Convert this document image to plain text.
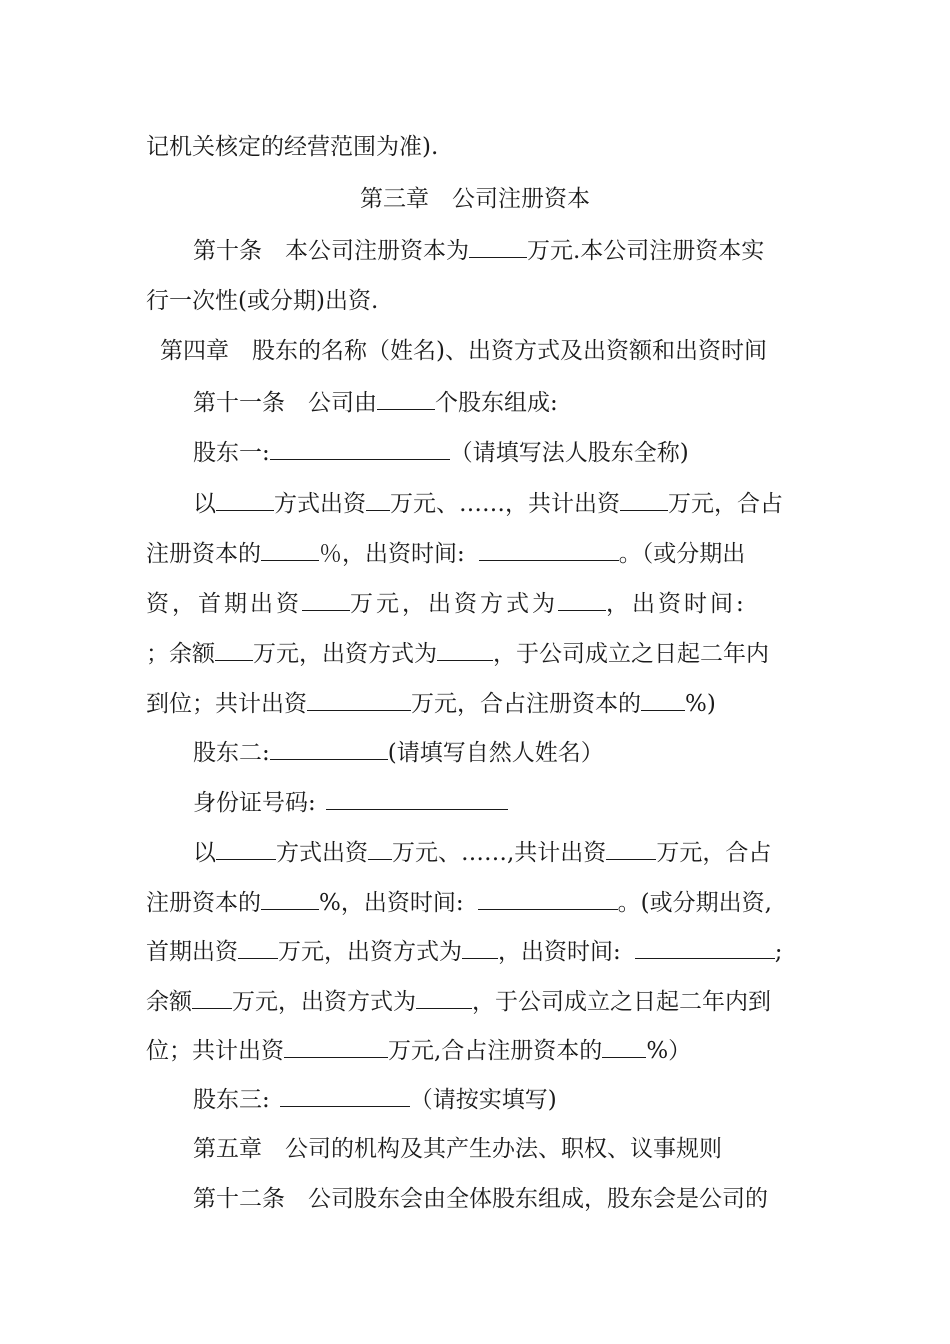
记机关核定的经营范围为准).
第三章　公司注册资本
第十条　本公司注册资本为	万元.本公司注册资本实
行一次性(或分期)出资.
第四章　股东的名称（姓名)、出资方式及出资额和出资时间
第十一条　公司由	个股东组成:
股东一:	（请填写法人股东全称)
以	方式出资 万元、……，共计出资 万元，合占
注册资本的	％，出资时间:	。（或分期出
资，首期出资 万元，出资方式为 ，出资时间:
；余额 万元，出资方式为 ，于公司成立之日起二年内
到位；共计出资	万元，合占注册资本的 %)
股东二:	(请填写自然人姓名）
身份证号码:
以	方式出资 万元、……,共计出资 万元，合占
注册资本的	%，出资时间:	。(或分期出资,
首期出资 万元，出资方式为 ，出资时间:	;
余额 万元，出资方式为 ，于公司成立之日起二年内到
位；共计出资	万元,合占注册资本的 %）
股东三:	（请按实填写)
第五章　公司的机构及其产生办法、职权、议事规则
第十二条　公司股东会由全体股东组成，股东会是公司的
